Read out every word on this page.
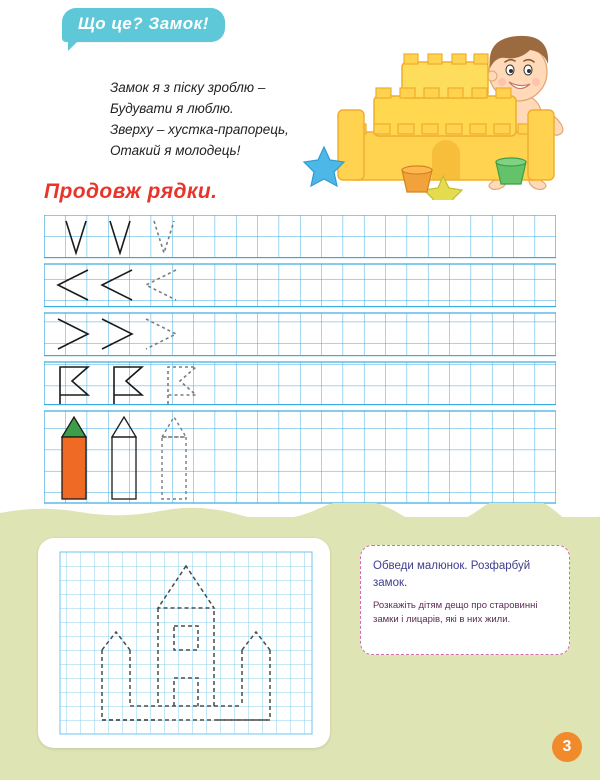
Що це? Замок!
Замок я з піску зроблю –
Будувати я люблю.
Зверху – хустка-прапорець,
Отакий я молодець!
Продовж рядки.
Обведи малюнок. Розфарбуй замок.
Розкажіть дітям дещо про старовинні замки і лицарів, які в них жили.
3
